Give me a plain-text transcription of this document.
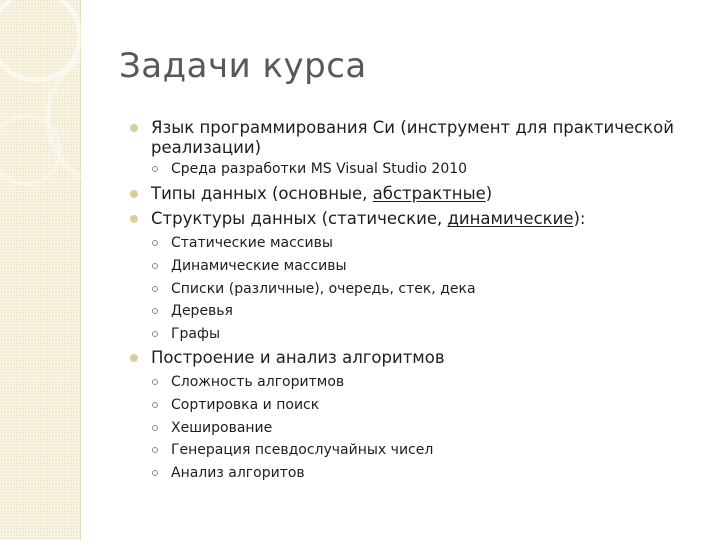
Задачи курса
Язык программирования Си (инструмент для практической
реализации)
Среда разработки MS Visual Studio 2010
Типы данных (основные, абстрактные)
Структуры данных (статические, динамические):
Статические массивы
Динамические массивы
Списки (различные), очередь, стек, дека
Деревья
Графы
Построение и анализ алгоритмов
Сложность алгоритмов
Сортировка и поиск
Хеширование
Генерация псевдослучайных чисел
Анализ алгоритов
